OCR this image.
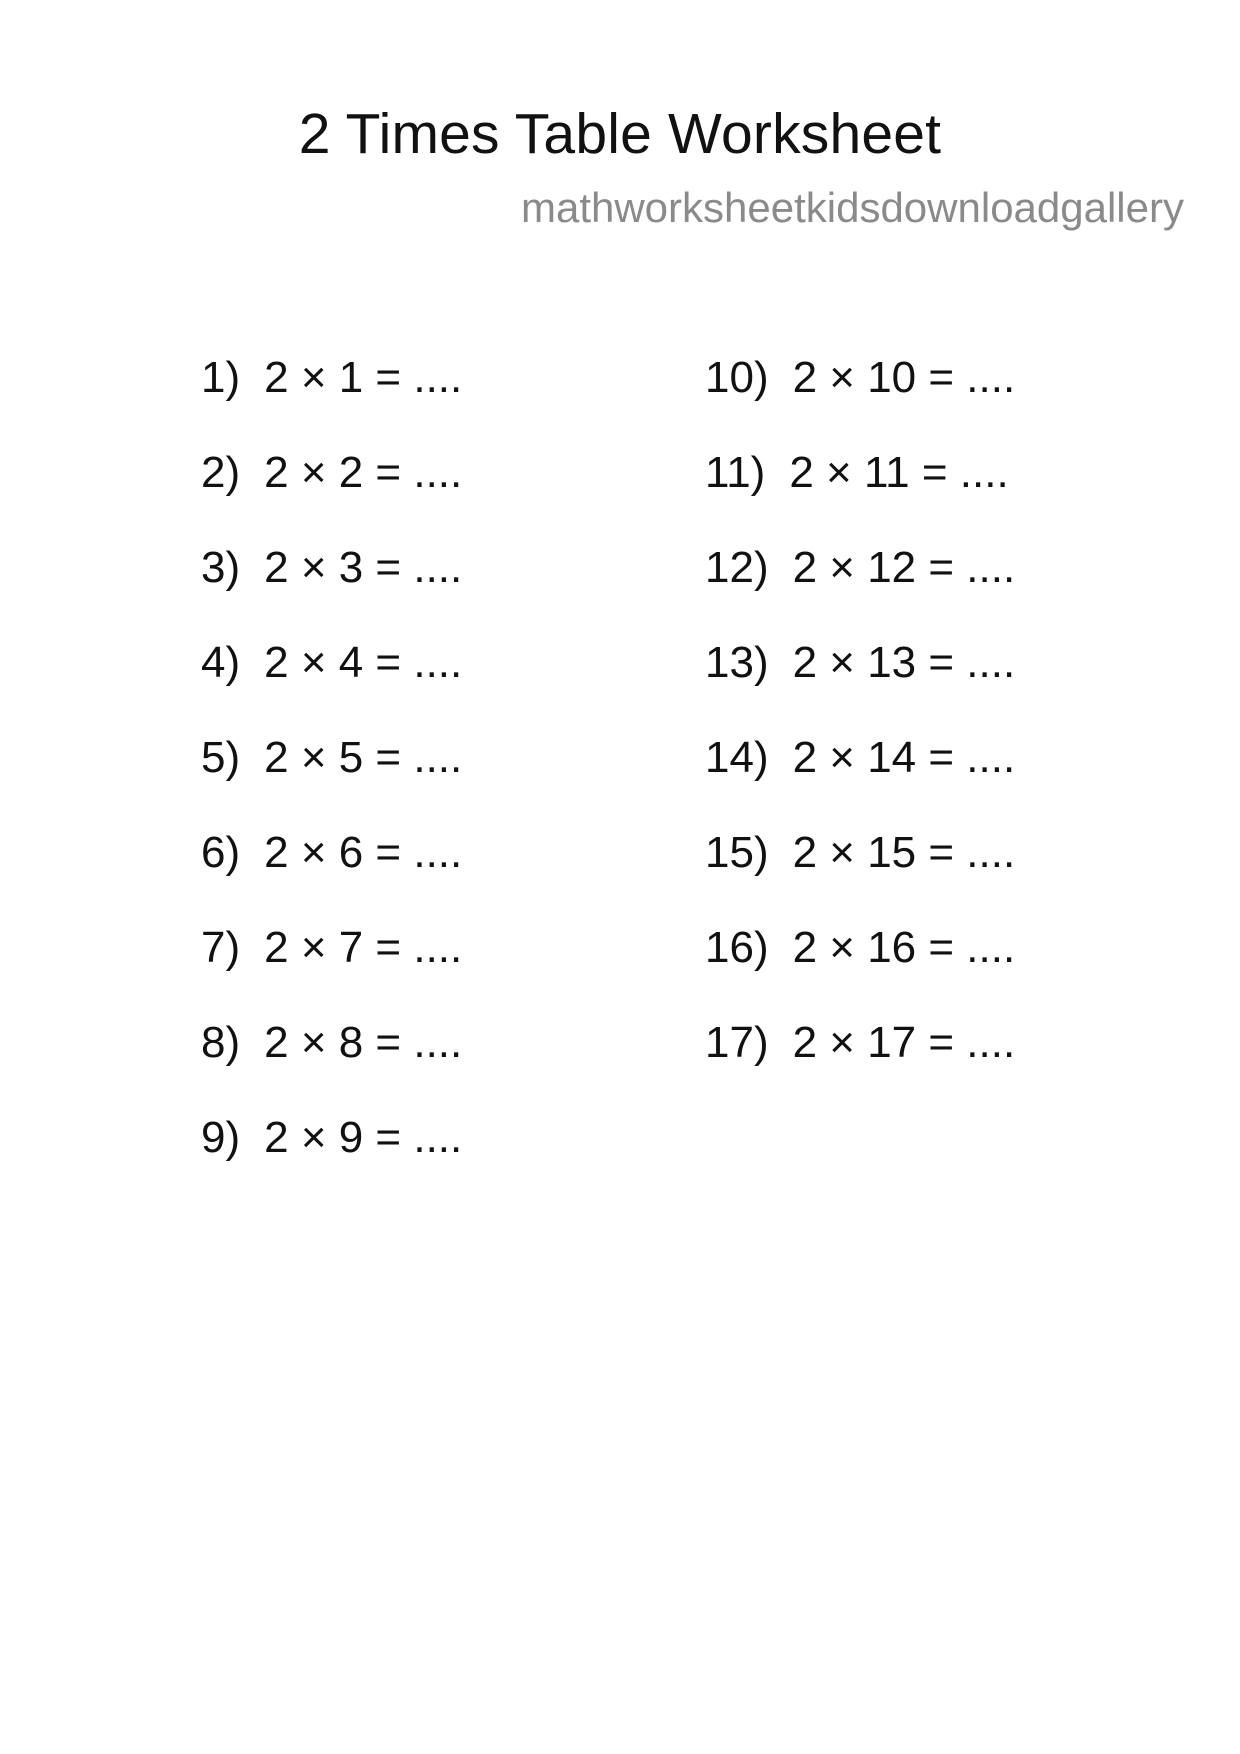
2 Times Table Worksheet
mathworksheetkidsdownloadgallery
1) 2 × 1 = ....
2) 2 × 2 = ....
3) 2 × 3 = ....
4) 2 × 4 = ....
5) 2 × 5 = ....
6) 2 × 6 = ....
7) 2 × 7 = ....
8) 2 × 8 = ....
9) 2 × 9 = ....
10) 2 × 10 = ....
11) 2 × 11 = ....
12) 2 × 12 = ....
13) 2 × 13 = ....
14) 2 × 14 = ....
15) 2 × 15 = ....
16) 2 × 16 = ....
17) 2 × 17 = ....
